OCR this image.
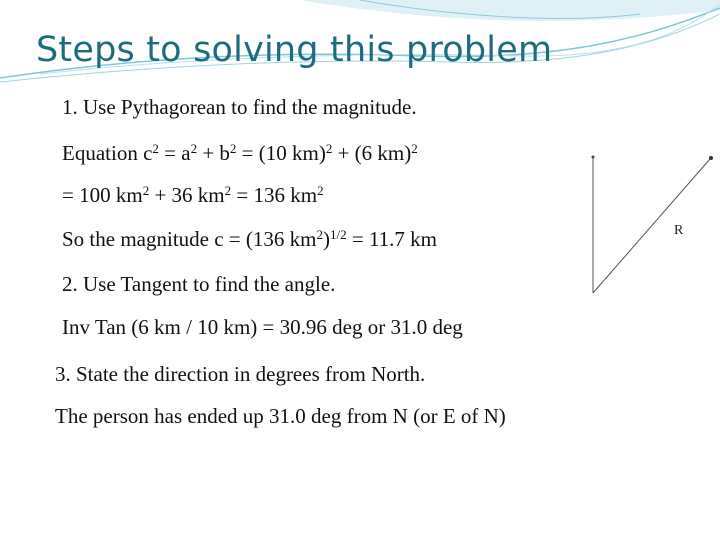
Steps to solving this problem
1. Use Pythagorean to find the magnitude.
Equation $c^2 = a^2 + b^2 = (10$ km)$^2$ + (6 km)$^2$
= 100 $km^2 + 36$ $km^2 = 136$ $km^2$
So the magnitude c = (136 $km^2)^{1/2} = 11.7$ km
2. Use Tangent to find the angle.
Inv Tan (6 km / 10 km) = 30.96 deg or 31.0 deg
3. State the direction in degrees from North.
The person has ended up 31.0 deg from N (or E of N)
R
